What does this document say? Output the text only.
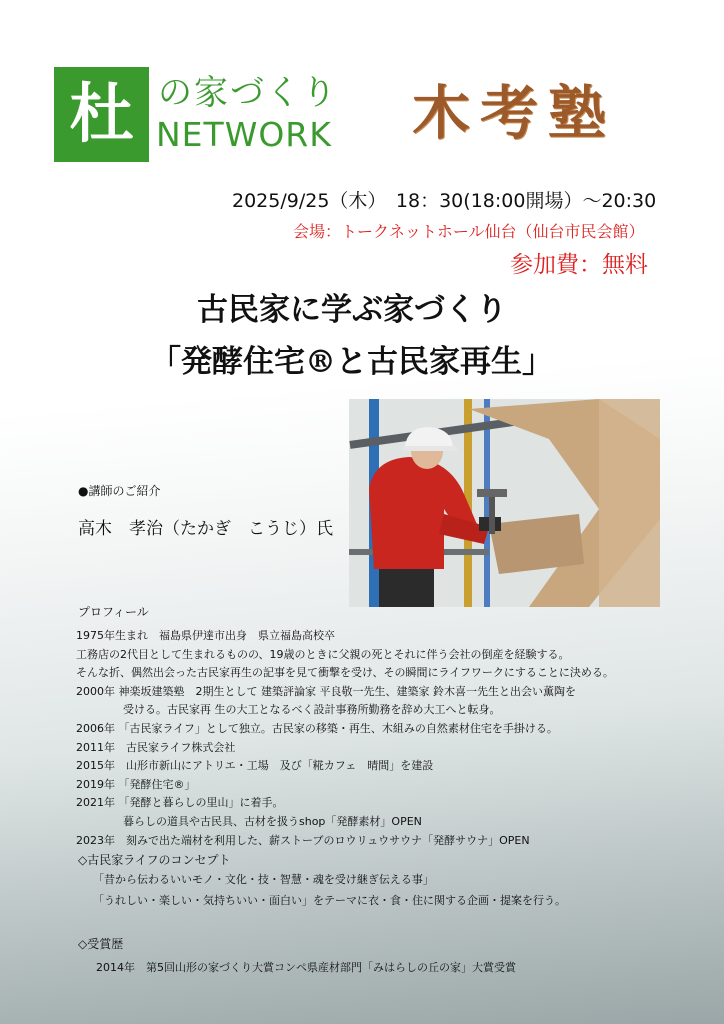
杜 の家づくり
NETWORK 木考塾
2025/9/25（木）　18：30(18:00開場）～20:30
会場：トークネットホール仙台（仙台市民会館）
参加費：無料
古民家に学ぶ家づくり
「発酵住宅®と古民家再生」
●講師のご紹介
高木　孝治（たかぎ　こうじ）氏
プロフィール
1975年生まれ　福島県伊達市出身　県立福島高校卒
工務店の2代目として生まれるものの、19歳のときに父親の死とそれに伴う会社の倒産を経験する。
そんな折、偶然出会った古民家再生の記事を見て衝撃を受け、その瞬間にライフワークにすることに決める。
2000年 神楽坂建築塾　2期生として 建築評論家 平良敬一先生、建築家 鈴木喜一先生と出会い薫陶を
受ける。古民家再 生の大工となるべく設計事務所勤務を辞め大工へと転身。
2006年 「古民家ライフ」として独立。古民家の移築・再生、木組みの自然素材住宅を手掛ける。
2011年　古民家ライフ株式会社
2015年　山形市新山にアトリエ・工場　及び「糀カフェ　晴間」を建設
2019年 「発酵住宅®」
2021年 「発酵と暮らしの里山」に着手。
暮らしの道具や古民具、古材を扱うshop「発酵素材」OPEN
2023年　刻みで出た端材を利用した、薪ストーブのロウリュウサウナ「発酵サウナ」OPEN
◇古民家ライフのコンセプト
「昔から伝わるいいモノ・文化・技・智慧・魂を受け継ぎ伝える事」
「うれしい・楽しい・気持ちいい・面白い」をテーマに衣・食・住に関する企画・提案を行う。
◇受賞歴
2014年　第5回山形の家づくり大賞コンペ県産材部門「みはらしの丘の家」大賞受賞
